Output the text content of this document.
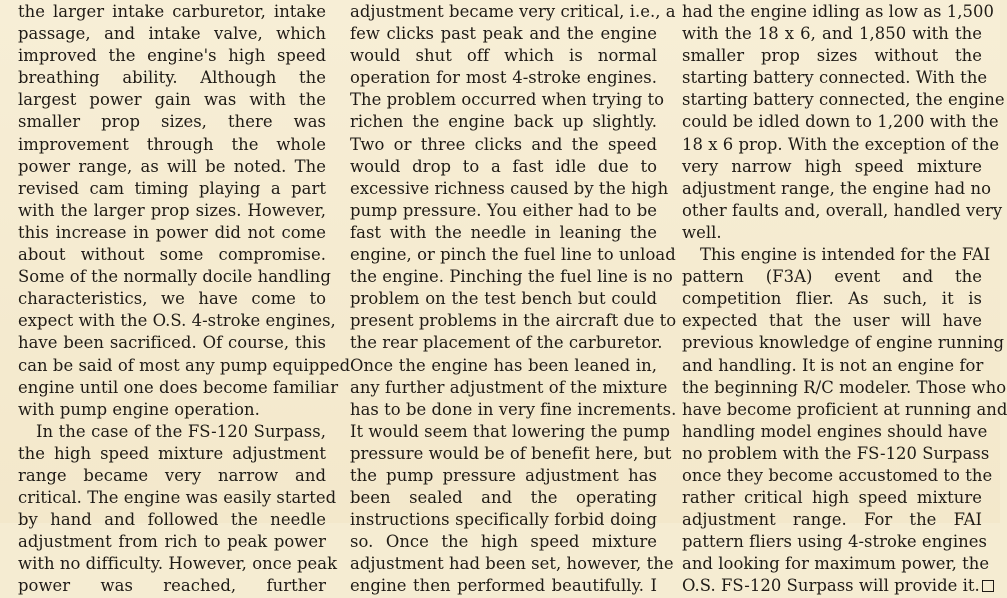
the larger intake carburetor, intake
passage, and intake valve, which
improved the engine's high speed
breathing ability. Although the
largest power gain was with the
smaller prop sizes, there was
improvement through the whole
power range, as will be noted. The
revised cam timing playing a part
with the larger prop sizes. However,
this increase in power did not come
about without some compromise.
Some of the normally docile handling
characteristics, we have come to
expect with the O.S. 4-stroke engines,
have been sacrificed. Of course, this
can be said of most any pump equipped
engine until one does become familiar
with pump engine operation.
In the case of the FS-120 Surpass,
the high speed mixture adjustment
range became very narrow and
critical. The engine was easily started
by hand and followed the needle
adjustment from rich to peak power
with no difficulty. However, once peak
power was reached, further
adjustment became very critical, i.e., a
few clicks past peak and the engine
would shut off which is normal
operation for most 4-stroke engines.
The problem occurred when trying to
richen the engine back up slightly.
Two or three clicks and the speed
would drop to a fast idle due to
excessive richness caused by the high
pump pressure. You either had to be
fast with the needle in leaning the
engine, or pinch the fuel line to unload
the engine. Pinching the fuel line is no
problem on the test bench but could
present problems in the aircraft due to
the rear placement of the carburetor.
Once the engine has been leaned in,
any further adjustment of the mixture
has to be done in very fine increments.
It would seem that lowering the pump
pressure would be of benefit here, but
the pump pressure adjustment has
been sealed and the operating
instructions specifically forbid doing
so. Once the high speed mixture
adjustment had been set, however, the
engine then performed beautifully. I
had the engine idling as low as 1,500
with the 18 x 6, and 1,850 with the
smaller prop sizes without the
starting battery connected. With the
starting battery connected, the engine
could be idled down to 1,200 with the
18 x 6 prop. With the exception of the
very narrow high speed mixture
adjustment range, the engine had no
other faults and, overall, handled very
well.
This engine is intended for the FAI
pattern (F3A) event and the
competition flier. As such, it is
expected that the user will have
previous knowledge of engine running
and handling. It is not an engine for
the beginning R/C modeler. Those who
have become proficient at running and
handling model engines should have
no problem with the FS-120 Surpass
once they become accustomed to the
rather critical high speed mixture
adjustment range. For the FAI
pattern fliers using 4-stroke engines
and looking for maximum power, the
O.S. FS-120 Surpass will provide it.
